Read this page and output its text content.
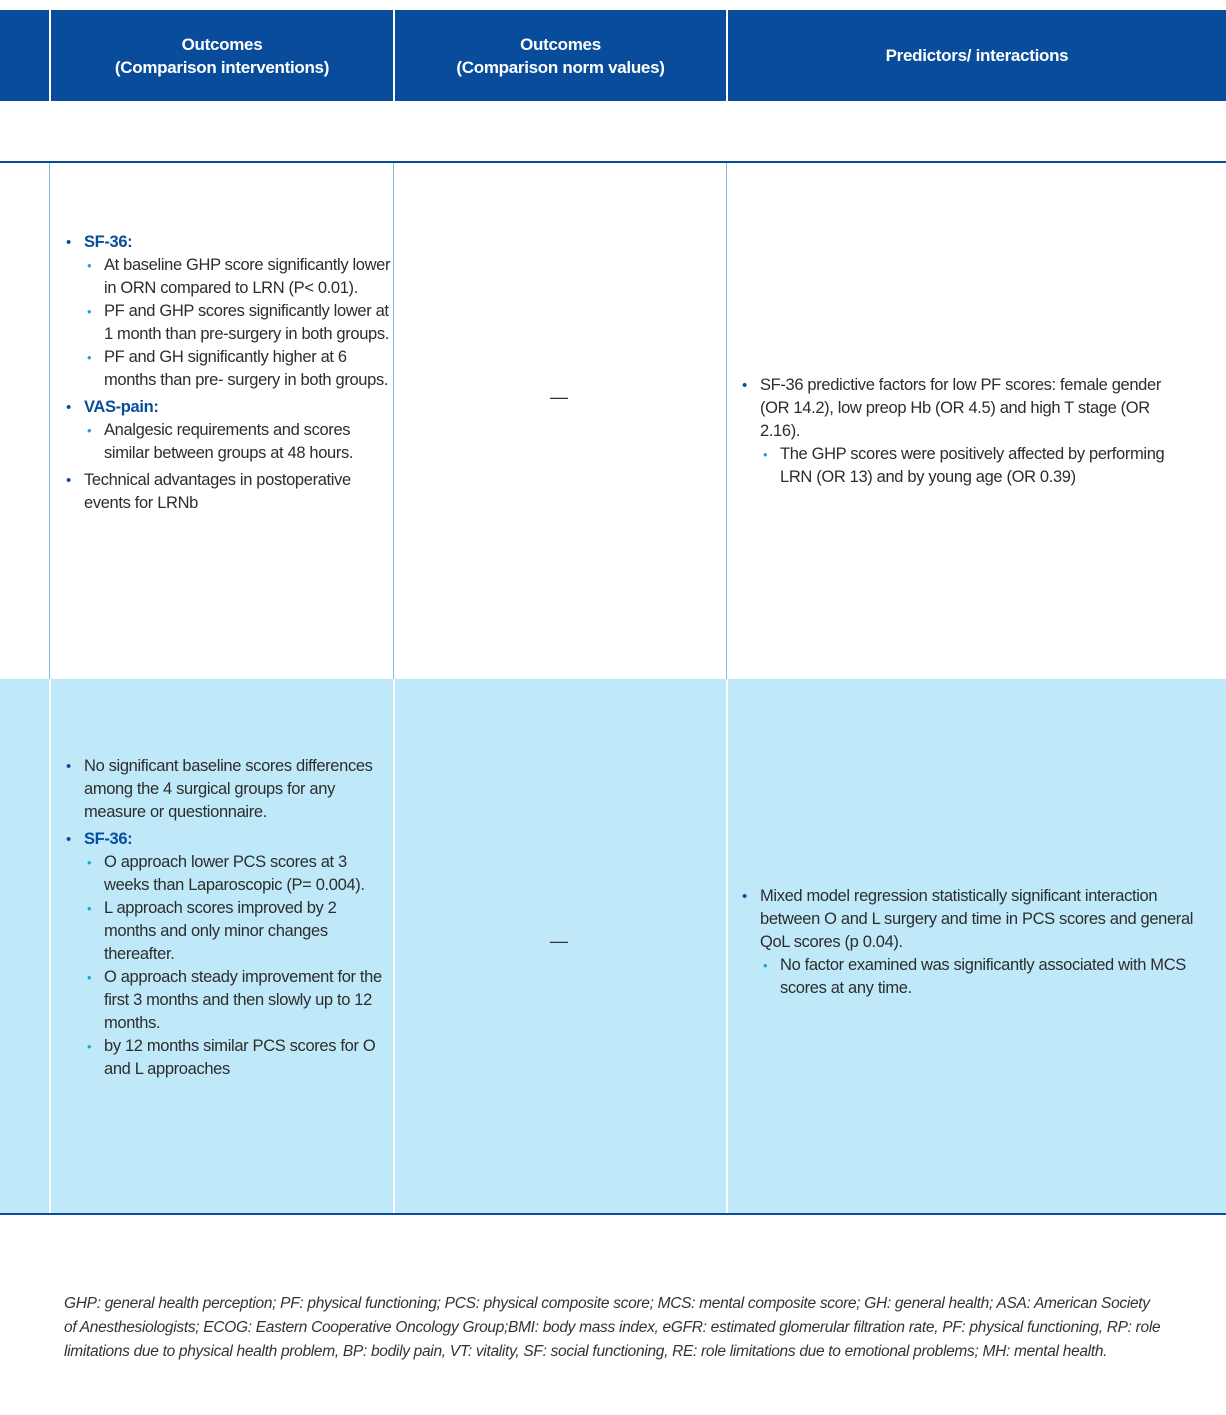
Outcomes
(Comparison interventions)
Outcomes
(Comparison norm values)
Predictors/ interactions
• SF-36:
• At baseline GHP score significantly lower in ORN compared to LRN (P< 0.01).
• PF and GHP scores significantly lower at 1 month than pre-surgery in both groups.
• PF and GH significantly higher at 6 months than pre- surgery in both groups.
• VAS-pain:
• Analgesic requirements and scores similar between groups at 48 hours.
• Technical advantages in postoperative events for LRNb
—
• SF-36 predictive factors for low PF scores: female gender (OR 14.2), low preop Hb (OR 4.5) and high T stage (OR 2.16).
• The GHP scores were positively affected by performing LRN (OR 13) and by young age (OR 0.39)
• No significant baseline scores differences among the 4 surgical groups for any measure or questionnaire.
• SF-36:
• O approach lower PCS scores at 3 weeks than Laparoscopic (P= 0.004).
• L approach scores improved by 2 months and only minor changes thereafter.
• O approach steady improvement for the first 3 months and then slowly up to 12 months.
• by 12 months similar PCS scores for O and L approaches
—
• Mixed model regression statistically significant interaction between O and L surgery and time in PCS scores and general QoL scores (p 0.04).
• No factor examined was significantly associated with MCS scores at any time.
GHP: general health perception; PF: physical functioning; PCS: physical composite score; MCS: mental composite score; GH: general health; ASA: American Society of Anesthesiologists; ECOG: Eastern Cooperative Oncology Group;BMI: body mass index, eGFR: estimated glomerular filtration rate, PF: physical functioning, RP: role limitations due to physical health problem, BP: bodily pain, VT: vitality, SF: social functioning, RE: role limitations due to emotional problems; MH: mental health.
